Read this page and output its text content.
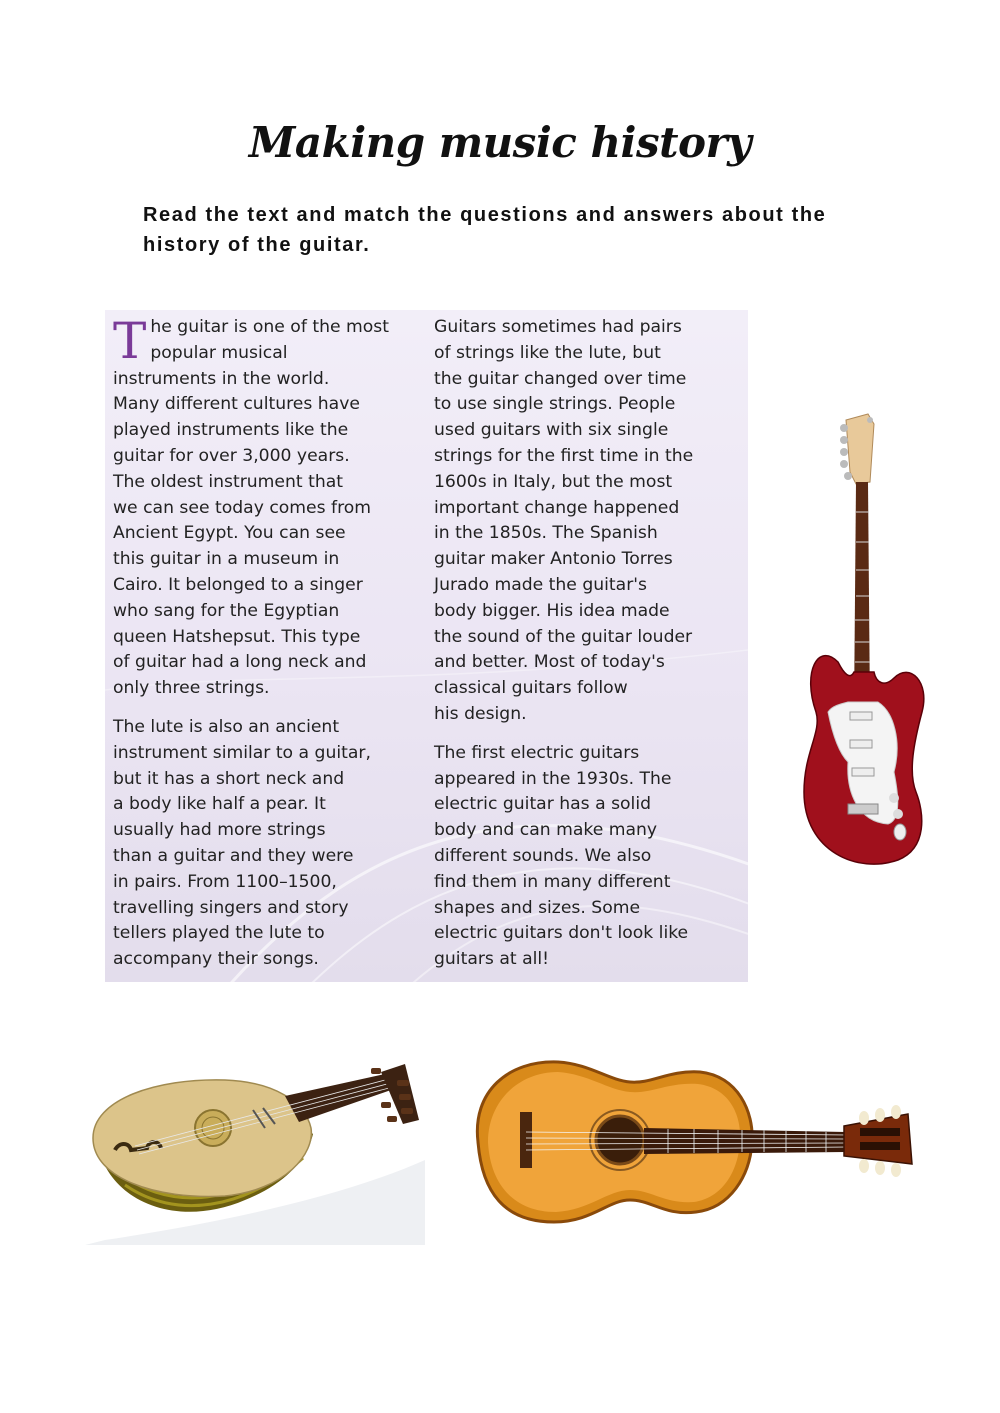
Making music history
Read the text and match the questions and answers about the history of the guitar.

The guitar is one of the most popular musical
instruments in the world.
Many different cultures have
played instruments like the
guitar for over 3,000 years.
The oldest instrument that
we can see today comes from
Ancient Egypt. You can see
this guitar in a museum in
Cairo. It belonged to a singer
who sang for the Egyptian
queen Hatshepsut. This type
of guitar had a long neck and
only three strings.

The lute is also an ancient
instrument similar to a guitar,
but it has a short neck and
a body like half a pear. It
usually had more strings
than a guitar and they were
in pairs. From 1100–1500,
travelling singers and story
tellers played the lute to
accompany their songs.

Guitars sometimes had pairs
of strings like the lute, but
the guitar changed over time
to use single strings. People
used guitars with six single
strings for the first time in the
1600s in Italy, but the most
important change happened
in the 1850s. The Spanish
guitar maker Antonio Torres
Jurado made the guitar's
body bigger. His idea made
the sound of the guitar louder
and better. Most of today's
classical guitars follow
his design.

The first electric guitars
appeared in the 1930s. The
electric guitar has a solid
body and can make many
different sounds. We also
find them in many different
shapes and sizes. Some
electric guitars don't look like
guitars at all!
